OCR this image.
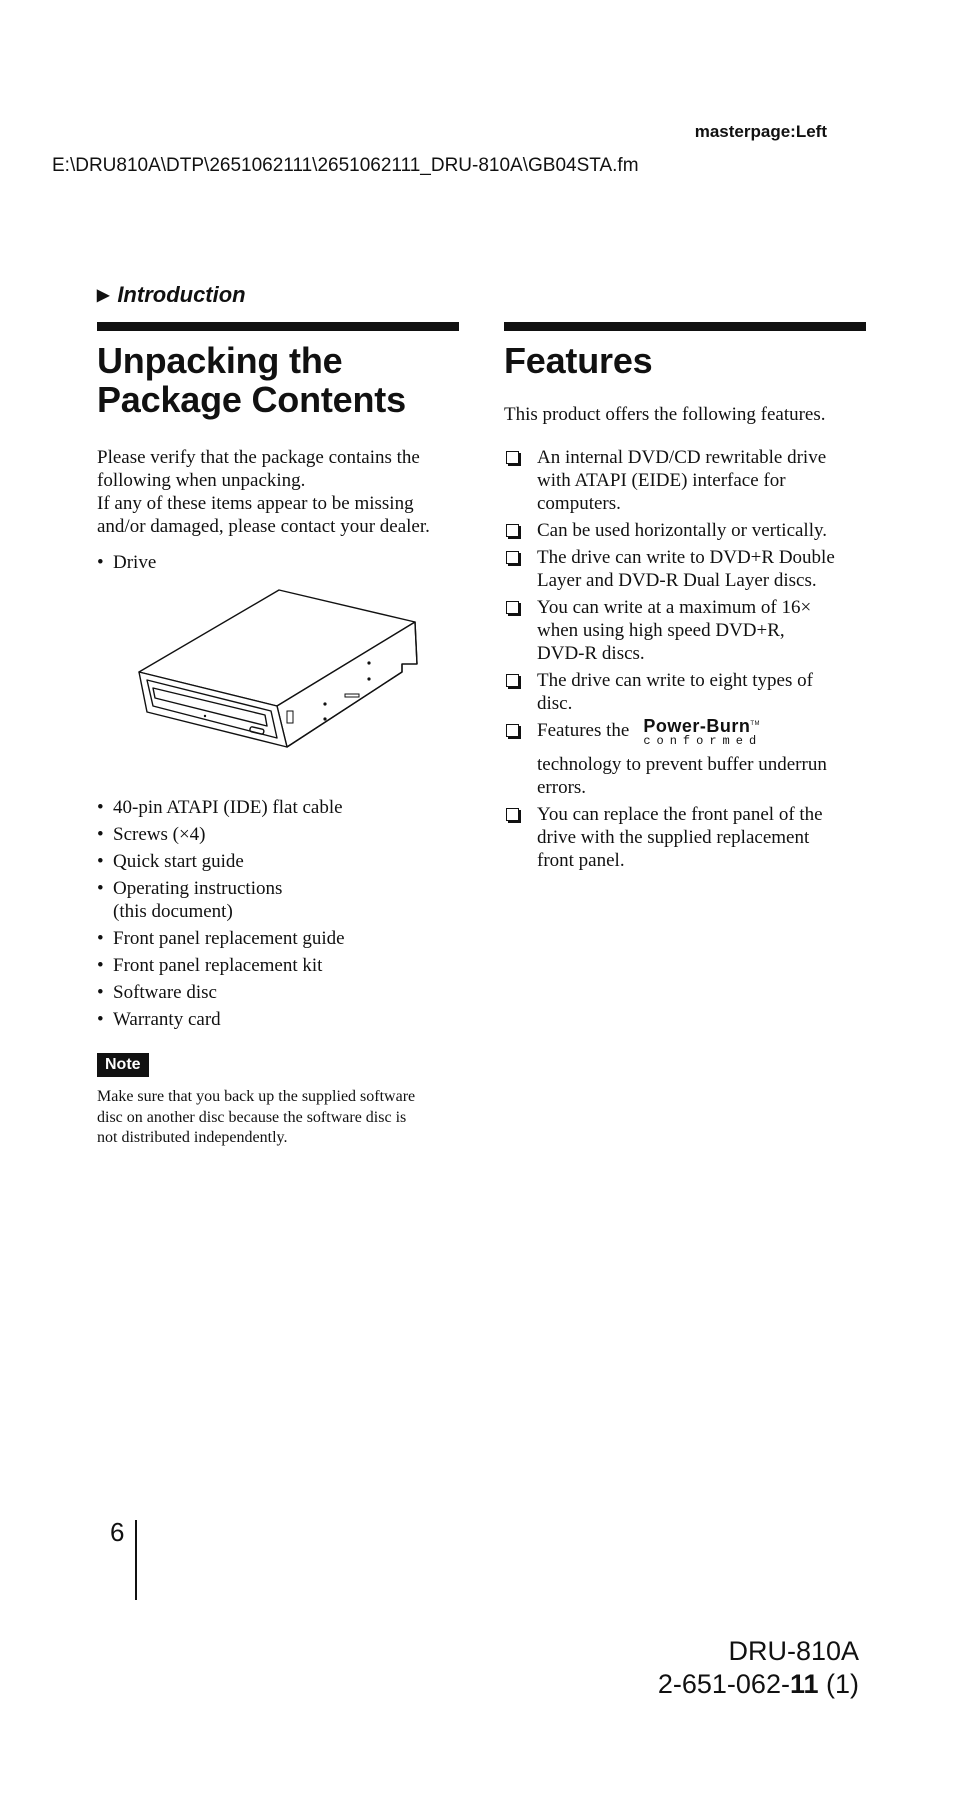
masterpage:Left
E:\DRU810A\DTP\2651062111\2651062111_DRU-810A\GB04STA.fm
▶ Introduction
Unpacking the
Package Contents

Please verify that the package contains the
following when unpacking.
If any of these items appear to be missing
and/or damaged, please contact your dealer.

• Drive
• 40-pin ATAPI (IDE) flat cable
• Screws (×4)
• Quick start guide
• Operating instructions
(this document)
• Front panel replacement guide
• Front panel replacement kit
• Software disc
• Warranty card
Note

Make sure that you back up the supplied software
disc on another disc because the software disc is
not distributed independently.

Features

This product offers the following features.

An internal DVD/CD rewritable drive
with ATAPI (EIDE) interface for
computers.
Can be used horizontally or vertically.
The drive can write to DVD+R Double
Layer and DVD-R Dual Layer discs.
You can write at a maximum of 16×
when using high speed DVD+R,
DVD-R discs.
The drive can write to eight types of
disc.
Features the Power-Burn™
conformed

technology to prevent buffer underrun
errors.
You can replace the front panel of the
drive with the supplied replacement
front panel.
6
DRU-810A
2-651-062-11 (1)
